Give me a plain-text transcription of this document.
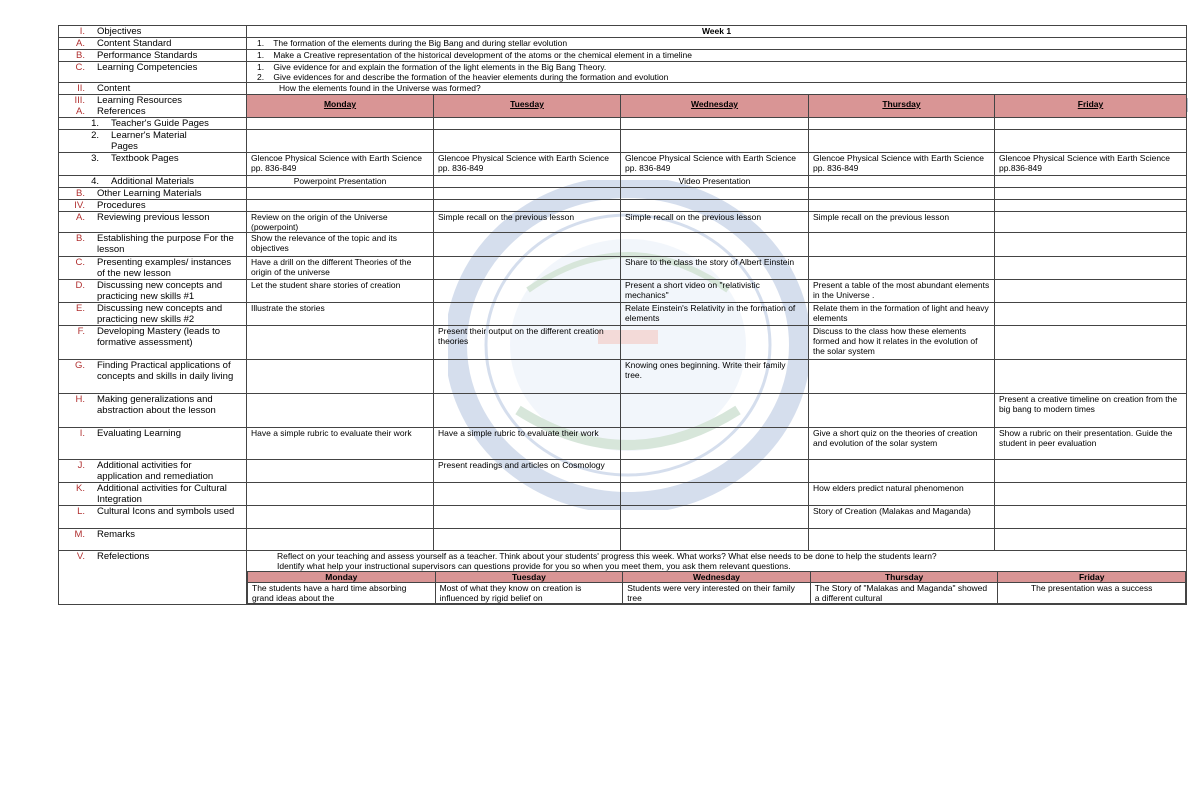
I. Objectives	Week 1
A. Content Standard	1. The formation of the elements during the Big Bang and during stellar evolution
B. Performance Standards	1. Make a Creative representation of the historical development of the atoms or the chemical element in a timeline
C. Learning Competencies	1. Give evidence for and explain the formation of the light elements in the Big Bang Theory.
2. Give evidences for and describe the formation of the heavier elements during the formation and evolution

II. Content	How the elements found in the Universe was formed?

III. Learning Resources
A. References
	Monday	Tuesday	Wednesday	Thursday	Friday
1. Teacher's Guide Pages					

2.	Learner's Material Pages

3. Textbook Pages	Glencoe Physical Science with Earth Science pp. 836-849	Glencoe Physical Science with Earth Science pp. 836-849	Glencoe Physical Science with Earth Science pp. 836-849	Glencoe Physical Science with Earth Science pp. 836-849	Glencoe Physical Science with Earth Science pp.836-849
4. Additional Materials	Powerpoint Presentation		Video Presentation		
B. Other Learning Materials					
IV. Procedures					

A.	Reviewing previous lesson	Review on the origin of the Universe (powerpoint)	Simple recall on the previous lesson	Simple recall on the previous lesson	Simple recall on the previous lesson	

B.	Establishing the purpose For the lesson
	Show the relevance of the topic and its objectives				

C.	Presenting examples/ instances of the new lesson
	Have a drill on the different Theories of the origin of the universe		Share to the class the story of Albert Einstein		

D.	Discussing new concepts and practicing new skills #1
	Let the student share stories of creation		Present a short video on "relativistic mechanics"	Present a table of the most abundant elements in the Universe .	

E.	Discussing new concepts and practicing new skills #2
	Illustrate the stories		Relate Einstein's Relativity in the formation of elements	Relate them in the formation of light and heavy elements	

F.	Developing Mastery (leads to formative assessment)
		Present their output on the different creation theories		Discuss to the class how these elements formed and how it relates in the evolution of the solar system	

G.	Finding Practical applications of concepts and skills in daily living
			Knowing ones beginning. Write their family tree.		

H.	Making generalizations and abstraction about the lesson
					Present a creative timeline on creation from the big bang to modern times

I.	Evaluating Learning	Have a simple rubric to evaluate their work	Have a simple rubric to evaluate their work		Give a short quiz on the theories of creation and evolution of the solar system	Show a rubric on their presentation. Guide the student in peer evaluation

J.	Additional activities for application and remediation
		Present readings and articles on Cosmology			

K.	Additional activities for Cultural Integration
				How elders predict natural phenomenon	

L.	Cultural Icons and symbols used				Story of Creation (Malakas and Maganda)	

M.	Remarks

V. Refelections	Reflect on your teaching and assess yourself as a teacher. Think about your students' progress this week. What works? What else needs to be done to help the students learn?
Identify what help your instructional supervisors can questions provide for you so when you meet them, you ask them relevant questions.
Monday	Tuesday	Wednesday	Thursday	Friday
The students have a hard time absorbing grand ideas about the	Most of what they know on creation is influenced by rigid belief on	Students were very interested on their family tree	The Story of "Malakas and Maganda" showed a different cultural	The presentation was a success
